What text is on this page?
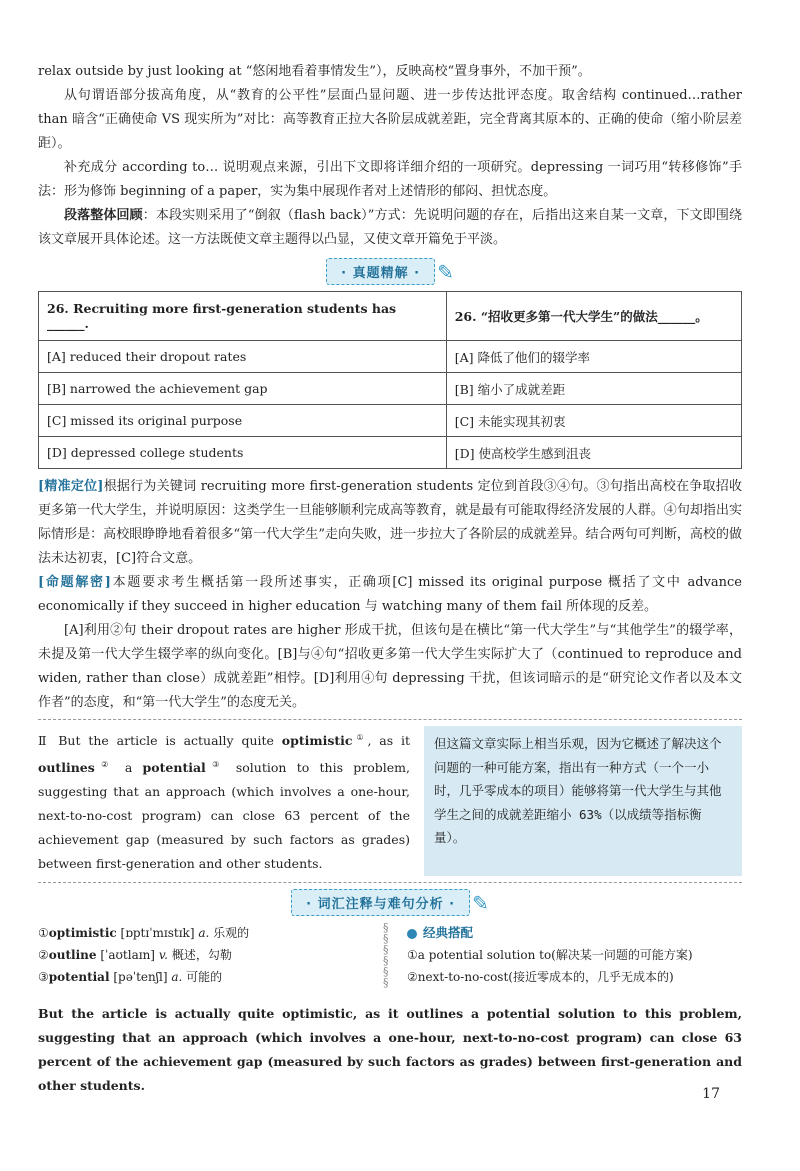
relax outside by just looking at “悠闲地看着事情发生”），反映高校“置身事外，不加干预”。

从句谓语部分拔高角度，从“教育的公平性”层面凸显问题、进一步传达批评态度。取舍结构 continued…rather than 暗含“正确使命 VS 现实所为”对比：高等教育正拉大各阶层成就差距，完全背离其原本的、正确的使命（缩小阶层差距）。

补充成分 according to… 说明观点来源，引出下文即将详细介绍的一项研究。depressing 一词巧用“转移修饰”手法：形为修饰 beginning of a paper，实为集中展现作者对上述情形的郁闷、担忧态度。

段落整体回顾：本段实则采用了“倒叙（flash back）”方式：先说明问题的存在，后指出这来自某一文章，下文即围绕该文章展开具体论述。这一方法既使文章主题得以凸显，又使文章开篇免于平淡。

· 真题精解 · ✎
26. Recruiting more first-generation students has ______.	26. “招收更多第一代大学生”的做法______。
[A] reduced their dropout rates	[A] 降低了他们的辍学率
[B] narrowed the achievement gap	[B] 缩小了成就差距
[C] missed its original purpose	[C] 未能实现其初衷
[D] depressed college students	[D] 使高校学生感到沮丧

[精准定位]根据行为关键词 recruiting more first-generation students 定位到首段③④句。③句指出高校在争取招收更多第一代大学生，并说明原因：这类学生一旦能够顺利完成高等教育，就是最有可能取得经济发展的人群。④句却指出实际情形是：高校眼睁睁地看着很多“第一代大学生”走向失败，进一步拉大了各阶层的成就差异。结合两句可判断，高校的做法未达初衷，[C]符合文意。

[命题解密]本题要求考生概括第一段所述事实，正确项[C] missed its original purpose 概括了文中 advance economically if they succeed in higher education 与 watching many of them fail 所体现的反差。

[A]利用②句 their dropout rates are higher 形成干扰，但该句是在横比“第一代大学生”与“其他学生”的辍学率，未提及第一代大学生辍学率的纵向变化。[B]与④句“招收更多第一代大学生实际扩大了（continued to reproduce and widen, rather than close）成就差距”相悖。[D]利用④句 depressing 干扰，但该词暗示的是“研究论文作者以及本文作者”的态度，和“第一代大学生”的态度无关。

Ⅱ But the article is actually quite optimistic①, as it outlines② a potential③ solution to this problem, suggesting that an approach (which involves a one-hour, next-to-no-cost program) can close 63 percent of the achievement gap (measured by such factors as grades) between first-generation and other students.
但这篇文章实际上相当乐观，因为它概述了解决这个问题的一种可能方案，指出有一种方式（一个一小时，几乎零成本的项目）能够将第一代大学生与其他学生之间的成就差距缩小 63%（以成绩等指标衡量）。
· 词汇注释与难句分析 · ✎
①optimistic [ɒptɪˈmɪstɪk] a. 乐观的
②outline [ˈaʊtlaɪn] v. 概述，勾勒
③potential [pəˈtenʃl] a. 可能的
§
§
§
§
§
§
经典搭配
①a potential solution to(解决某一问题的可能方案)
②next-to-no-cost(接近零成本的，几乎无成本的)

But the article is actually quite optimistic, as it outlines a potential solution to this problem, suggesting that an approach (which involves a one-hour, next-to-no-cost program) can close 63 percent of the achievement gap (measured by such factors as grades) between first-generation and other students.

17
